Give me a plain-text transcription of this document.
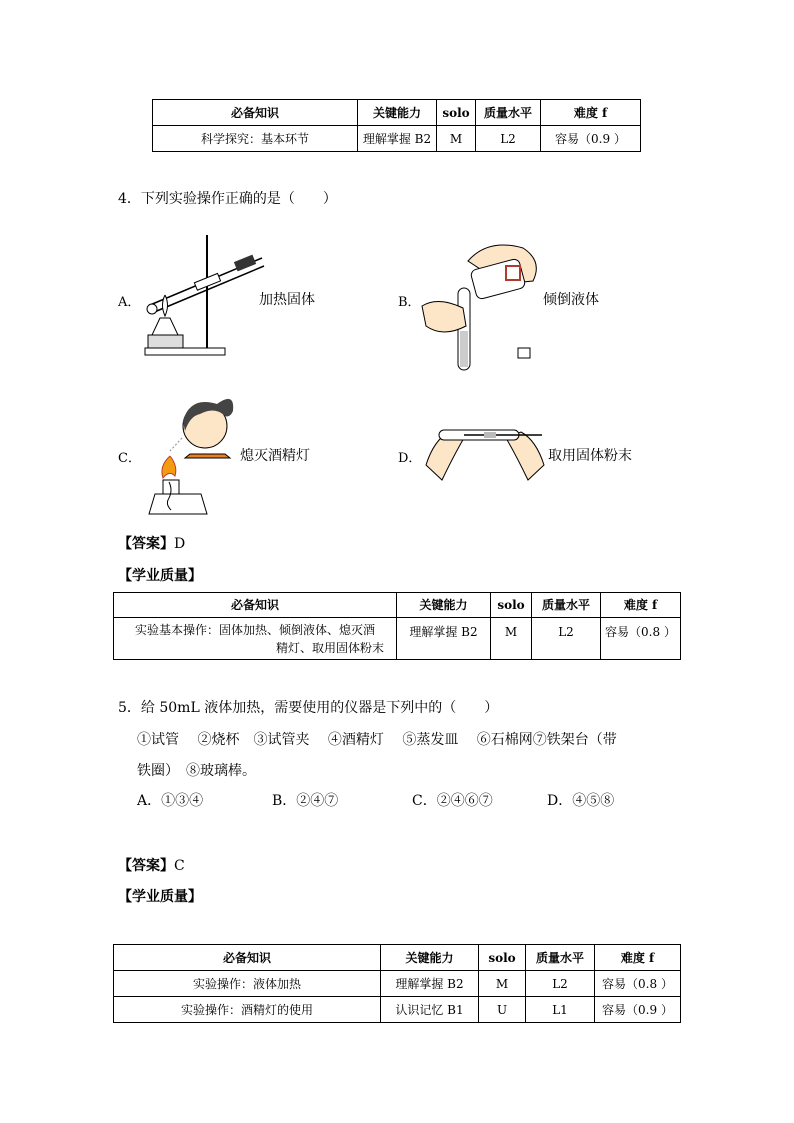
必备知识	关键能力	solo	质量水平	难度 f
科学探究：基本环节	理解掌握 B2	M	L2	容易（0.9 ）
4．下列实验操作正确的是（　　）
A．	加热固体	B．	倾倒液体
C．	熄灭酒精灯	D．	取用固体粉末
【答案】D
【学业质量】
必备知识	关键能力	solo	质量水平	难度 f

实验基本操作：固体加热、倾倒液体、熄灭酒
精灯、取用固体粉末	理解掌握 B2	M	L2	容易（0.8 ）
5．给 50mL 液体加热，需要使用的仪器是下列中的（　　）
①试管　 ②烧杯　③试管夹　 ④酒精灯　 ⑤蒸发皿　 ⑥石棉网⑦铁架台（带
铁圈）　⑧玻璃棒。
A．①③④	B．②④⑦	C．②④⑥⑦	D．④⑤⑧
【答案】C
【学业质量】
必备知识	关键能力	solo	质量水平	难度 f
实验操作：液体加热	理解掌握 B2	M	L2	容易（0.8 ）
实验操作：酒精灯的使用	认识记忆 B1	U	L1	容易（0.9 ）
